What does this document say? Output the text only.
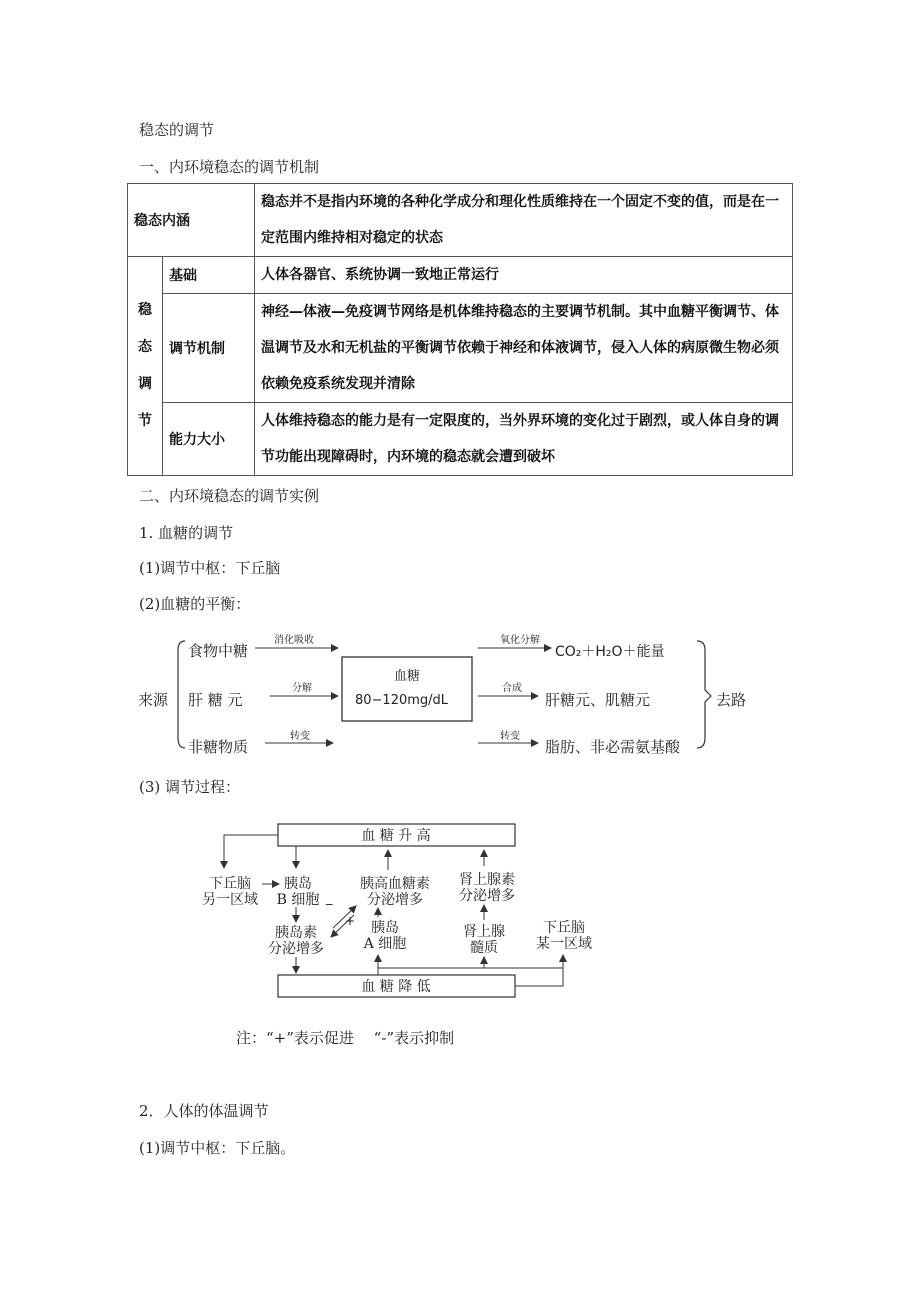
稳态的调节
一、内环境稳态的调节机制
稳态内涵		稳态并不是指内环境的各种化学成分和理化性质维持在一个固定不变的值，而是在一定范围内维持相对稳定的状态

稳
态
调
节	基础	人体各器官、系统协调一致地正常运行
	调节机制	神经—体液—免疫调节网络是机体维持稳态的主要调节机制。其中血糖平衡调节、体温调节及水和无机盐的平衡调节依赖于神经和体液调节，侵入人体的病原微生物必须依赖免疫系统发现并清除
	能力大小	人体维持稳态的能力是有一定限度的，当外界环境的变化过于剧烈，或人体自身的调节功能出现障碍时，内环境的稳态就会遭到破坏
二、内环境稳态的调节实例
1. 血糖的调节
(1)调节中枢：下丘脑
(2)血糖的平衡：
来源
食物中糖
肝 糖 元
非糖物质
消化吸收
分解
转变
血糖
80−120mg/dL
氧化分解
合成
转变
CO₂＋H₂O＋能量
肝糖元、肌糖元
脂肪、非必需氨基酸
去路
(3) 调节过程：
血 糖 升 高
血 糖 降 低
下丘脑
另一区域
胰岛
B 细胞
胰高血糖素
分泌增多
肾上腺素
分泌增多
胰岛素
分泌增多
胰岛
A 细胞
肾上腺
髓质
下丘脑
某一区域
_
+
注：“+”表示促进　 “-”表示抑制
2．人体的体温调节
(1)调节中枢：下丘脑。
